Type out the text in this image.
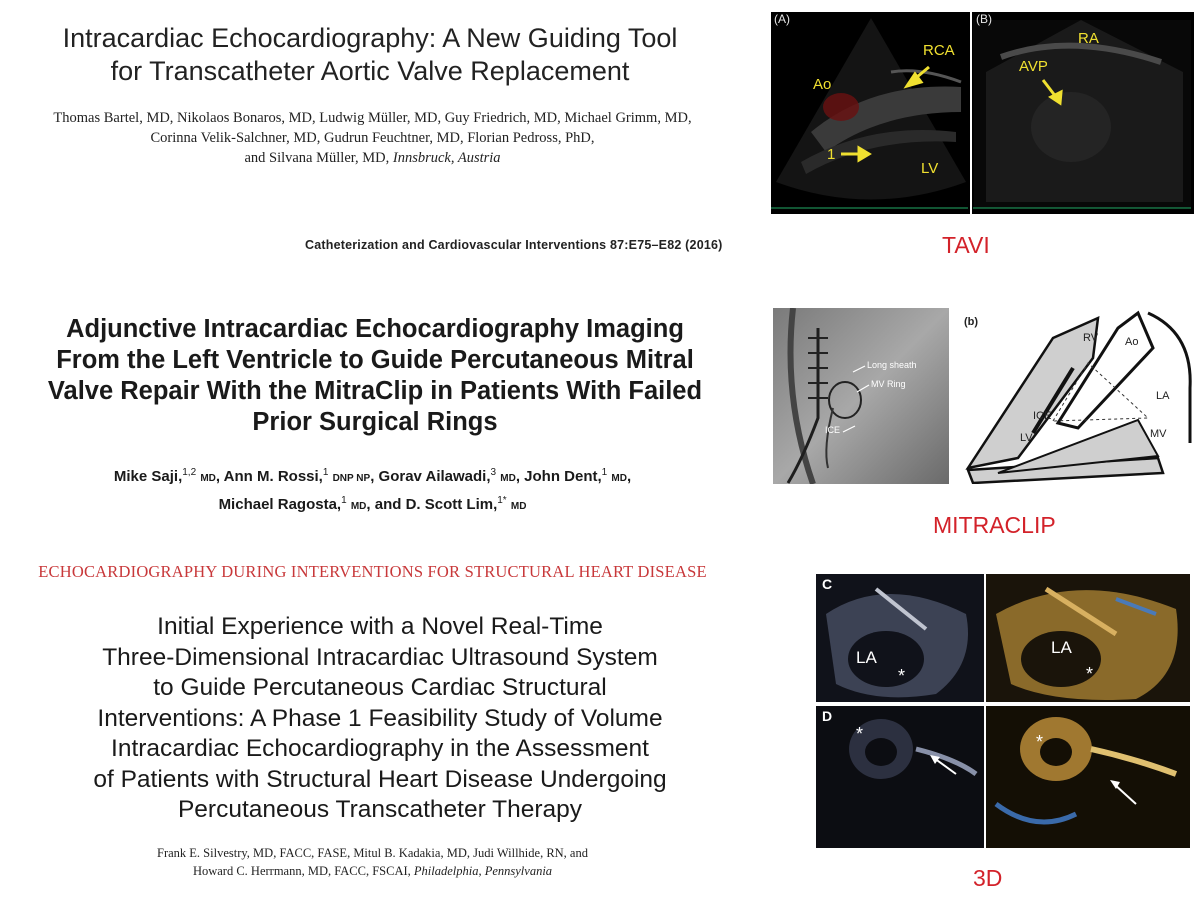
Intracardiac Echocardiography: A New Guiding Tool
for Transcatheter Aortic Valve Replacement
Thomas Bartel, MD, Nikolaos Bonaros, MD, Ludwig Müller, MD, Guy Friedrich, MD, Michael Grimm, MD,
Corinna Velik-Salchner, MD, Gudrun Feuchtner, MD, Florian Pedross, PhD,
and Silvana Müller, MD, Innsbruck, Austria
Catheterization and Cardiovascular Interventions 87:E75–E82 (2016)
(A)	(B)
Ao
RCA
1
LV
RA
AVP
TAVI
Adjunctive Intracardiac Echocardiography Imaging
From the Left Ventricle to Guide Percutaneous Mitral
Valve Repair With the MitraClip in Patients With Failed
Prior Surgical Rings
Mike Saji,$^{1,2}$ MD, Ann M. Rossi,$^1$ DNP NP, Gorav Ailawadi,$^3$ MD, John Dent,$^1$ MD,
Michael Ragosta,$^1$ MD, and D. Scott Lim,$^{1*}$ MD
Long sheath
MV Ring
ICE
(b)
RV Ao
LA
MV
ICE
LV
MITRACLIP
ECHOCARDIOGRAPHY DURING INTERVENTIONS FOR STRUCTURAL HEART DISEASE
Initial Experience with a Novel Real-Time
Three-Dimensional Intracardiac Ultrasound System
to Guide Percutaneous Cardiac Structural
Interventions: A Phase 1 Feasibility Study of Volume
Intracardiac Echocardiography in the Assessment
of Patients with Structural Heart Disease Undergoing
Percutaneous Transcatheter Therapy
Frank E. Silvestry, MD, FACC, FASE, Mitul B. Kadakia, MD, Judi Willhide, RN, and
Howard C. Herrmann, MD, FACC, FSCAI, Philadelphia, Pennsylvania
C
D
LA
LA
*	*
*	*
3D
